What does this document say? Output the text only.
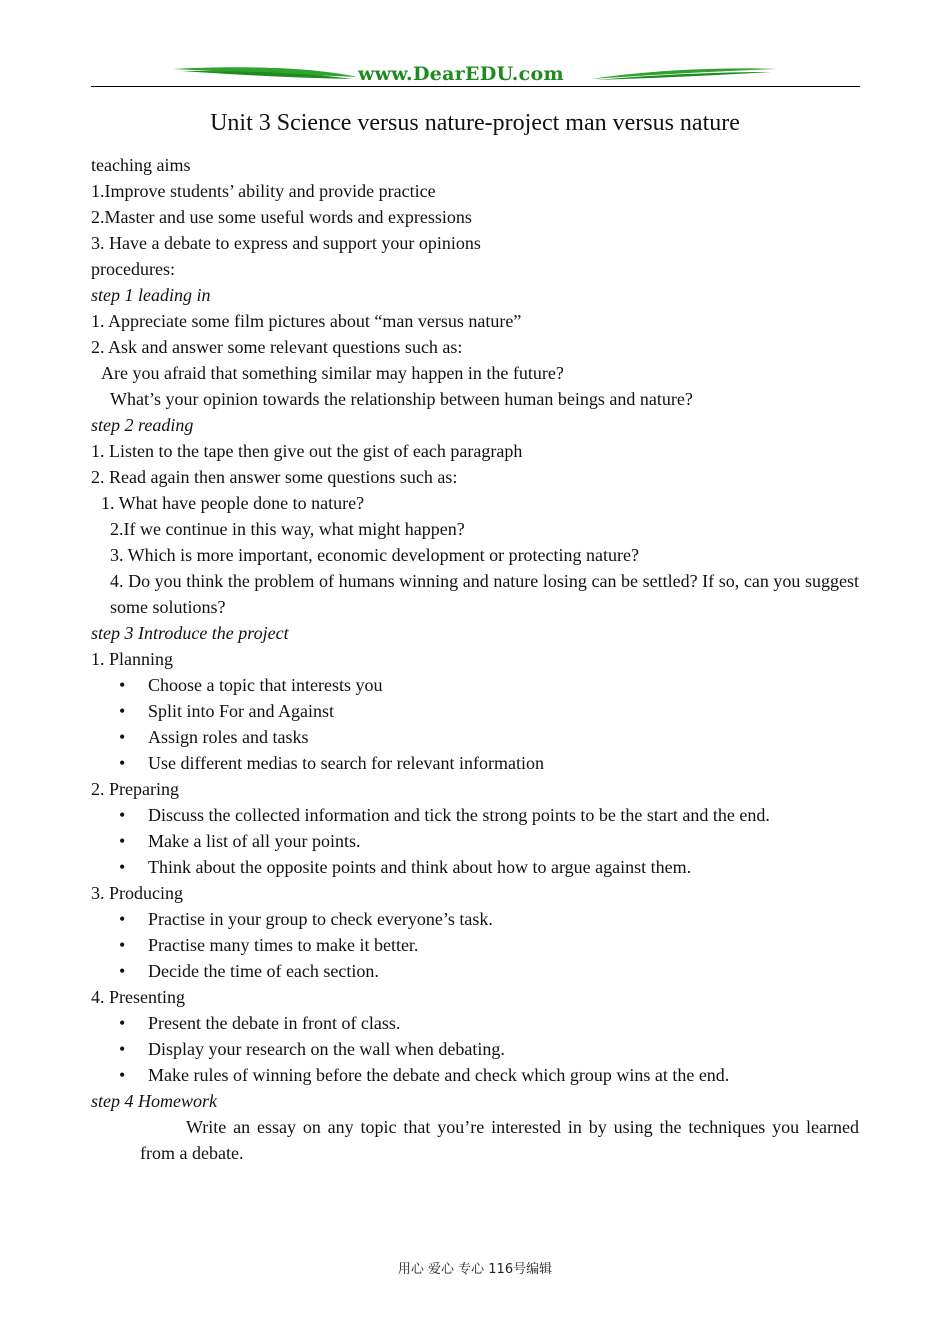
www.DearEDU.com
Unit 3 Science versus nature-project man versus nature
teaching aims
1.Improve students’ ability and provide practice
2.Master and use some useful words and expressions
3. Have a debate to express and support your opinions
procedures:
step 1 leading in
1. Appreciate some film pictures about “man versus nature”
2. Ask and answer some relevant questions such as:
Are you afraid that something similar may happen in the future?
What’s your opinion towards the relationship between human beings and nature?
step 2 reading
1. Listen to the tape then give out the gist of each paragraph
2. Read again then answer some questions such as:
1. What have people done to nature?
2.If we continue in this way, what might happen?
3. Which is more important, economic development or protecting nature?
4. Do you think the problem of humans winning and nature losing can be settled? If so, can you suggest some solutions?
step 3 Introduce the project
1. Planning
• Choose a topic that interests you
• Split into For and Against
• Assign roles and tasks
• Use different medias to search for relevant information
2. Preparing
• Discuss the collected information and tick the strong points to be the start and the end.
• Make a list of all your points.
• Think about the opposite points and think about how to argue against them.
3. Producing
• Practise in your group to check everyone’s task.
• Practise many times to make it better.
• Decide the time of each section.
4. Presenting
• Present the debate in front of class.
• Display your research on the wall when debating.
• Make rules of winning before the debate and check which group wins at the end.
step 4 Homework
Write an essay on any topic that you’re interested in by using the techniques you learned from a debate.
用心 爱心 专心 116号编辑
